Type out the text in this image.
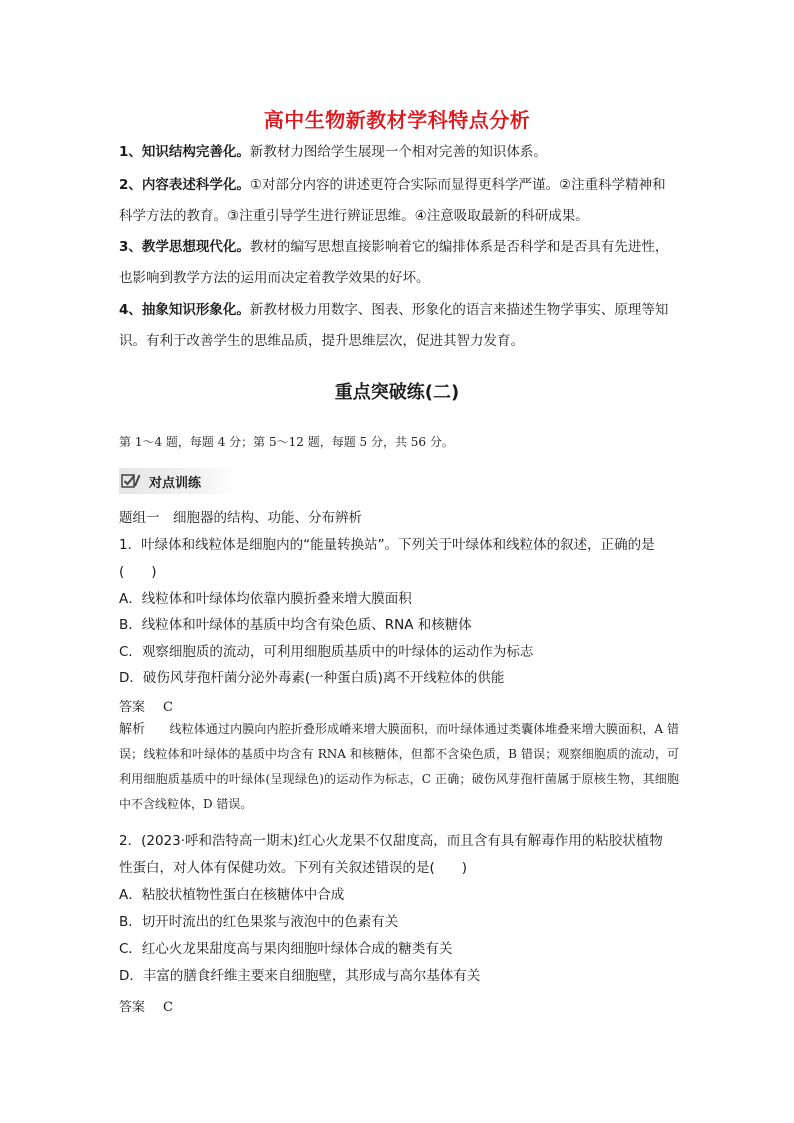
高中生物新教材学科特点分析

1、知识结构完善化。新教材力图给学生展现一个相对完善的知识体系。

2、内容表述科学化。①对部分内容的讲述更符合实际而显得更科学严谨。②注重科学精神和科学方法的教育。③注重引导学生进行辨证思维。④注意吸取最新的科研成果。

3、教学思想现代化。教材的编写思想直接影响着它的编排体系是否科学和是否具有先进性，也影响到教学方法的运用而决定着教学效果的好坏。

4、抽象知识形象化。新教材极力用数字、图表、形象化的语言来描述生物学事实、原理等知识。有利于改善学生的思维品质，提升思维层次，促进其智力发育。

重点突破练(二)
第 1～4 题，每题 4 分；第 5～12 题，每题 5 分，共 56 分。
对点训练
题组一　细胞器的结构、功能、分布辨析
1．叶绿体和线粒体是细胞内的“能量转换站”。下列关于叶绿体和线粒体的叙述，正确的是
(　　)
A．线粒体和叶绿体均依靠内膜折叠来增大膜面积
B．线粒体和叶绿体的基质中均含有染色质、RNA 和核糖体
C．观察细胞质的流动，可利用细胞质基质中的叶绿体的运动作为标志
D．破伤风芽孢杆菌分泌外毒素(一种蛋白质)离不开线粒体的供能
答案 C

解析　　 线粒体通过内膜向内腔折叠形成嵴来增大膜面积，而叶绿体通过类囊体堆叠来增大膜面积，A 错误；线粒体和叶绿体的基质中均含有 RNA 和核糖体，但都不含染色质，B 错误；观察细胞质的流动，可利用细胞质基质中的叶绿体(呈现绿色)的运动作为标志，C 正确；破伤风芽孢杆菌属于原核生物，其细胞中不含线粒体，D 错误。

2．(2023·呼和浩特高一期末)红心火龙果不仅甜度高，而且含有具有解毒作用的粘胶状植物
性蛋白，对人体有保健功效。下列有关叙述错误的是(　　)
A．粘胶状植物性蛋白在核糖体中合成
B．切开时流出的红色果浆与液泡中的色素有关
C．红心火龙果甜度高与果肉细胞叶绿体合成的糖类有关
D．丰富的膳食纤维主要来自细胞壁，其形成与高尔基体有关
答案 C
